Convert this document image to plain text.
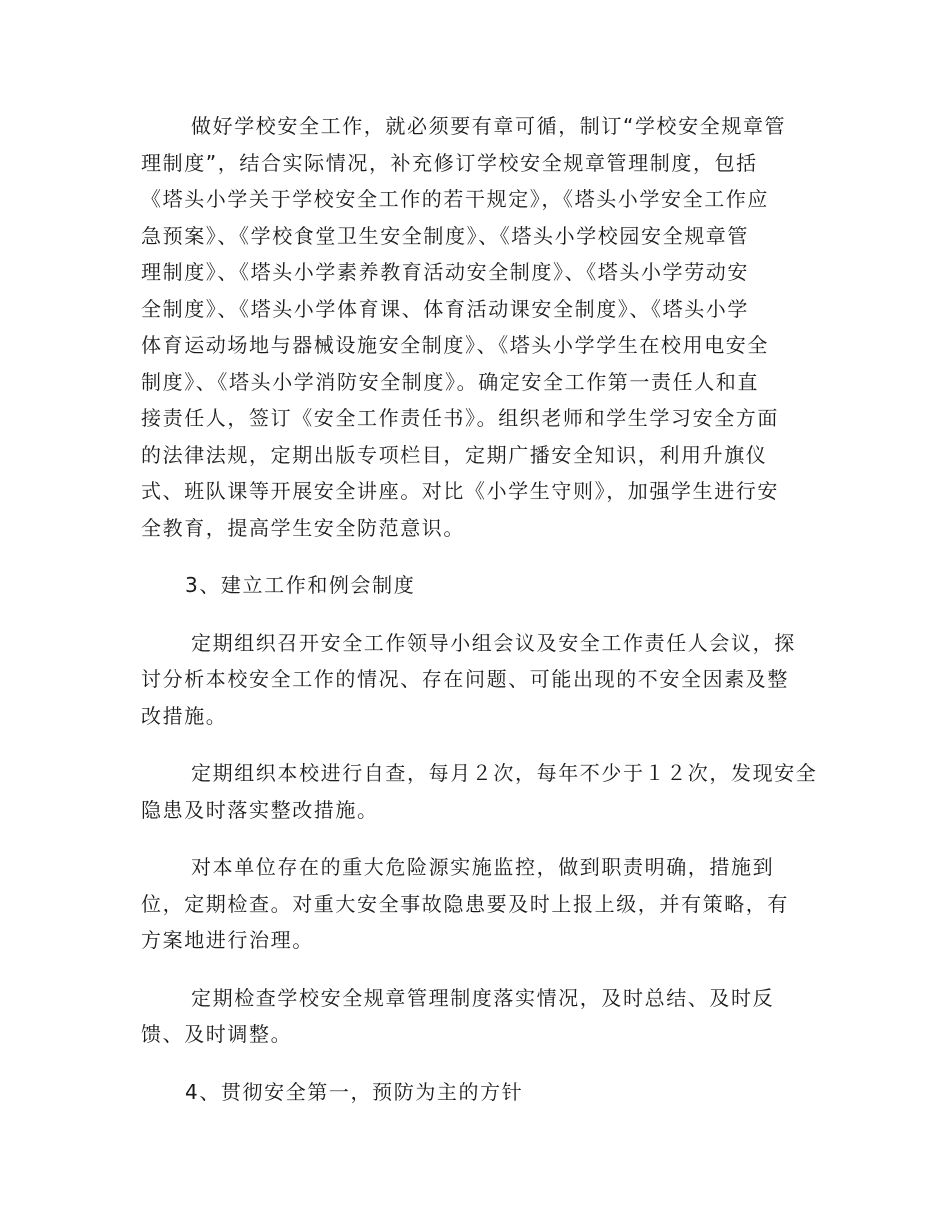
做好学校安全工作，就必须要有章可循，制订“学校安全规章管
理制度”，结合实际情况，补充修订学校安全规章管理制度，包括
《塔头小学关于学校安全工作的若干规定》，《塔头小学安全工作应
急预案》、《学校食堂卫生安全制度》、《塔头小学校园安全规章管
理制度》、《塔头小学素养教育活动安全制度》、《塔头小学劳动安
全制度》、《塔头小学体育课、体育活动课安全制度》、《塔头小学
体育运动场地与器械设施安全制度》、《塔头小学学生在校用电安全
制度》、《塔头小学消防安全制度》。确定安全工作第一责任人和直
接责任人，签订《安全工作责任书》。组织老师和学生学习安全方面
的法律法规，定期出版专项栏目，定期广播安全知识，利用升旗仪
式、班队课等开展安全讲座。对比《小学生守则》，加强学生进行安
全教育，提高学生安全防范意识。

3、建立工作和例会制度

定期组织召开安全工作领导小组会议及安全工作责任人会议，探
讨分析本校安全工作的情况、存在问题、可能出现的不安全因素及整
改措施。

定期组织本校进行自查，每月２次，每年不少于１２次，发现安全
隐患及时落实整改措施。

对本单位存在的重大危险源实施监控，做到职责明确，措施到
位，定期检查。对重大安全事故隐患要及时上报上级，并有策略，有
方案地进行治理。

定期检查学校安全规章管理制度落实情况，及时总结、及时反
馈、及时调整。

4、贯彻安全第一，预防为主的方针
